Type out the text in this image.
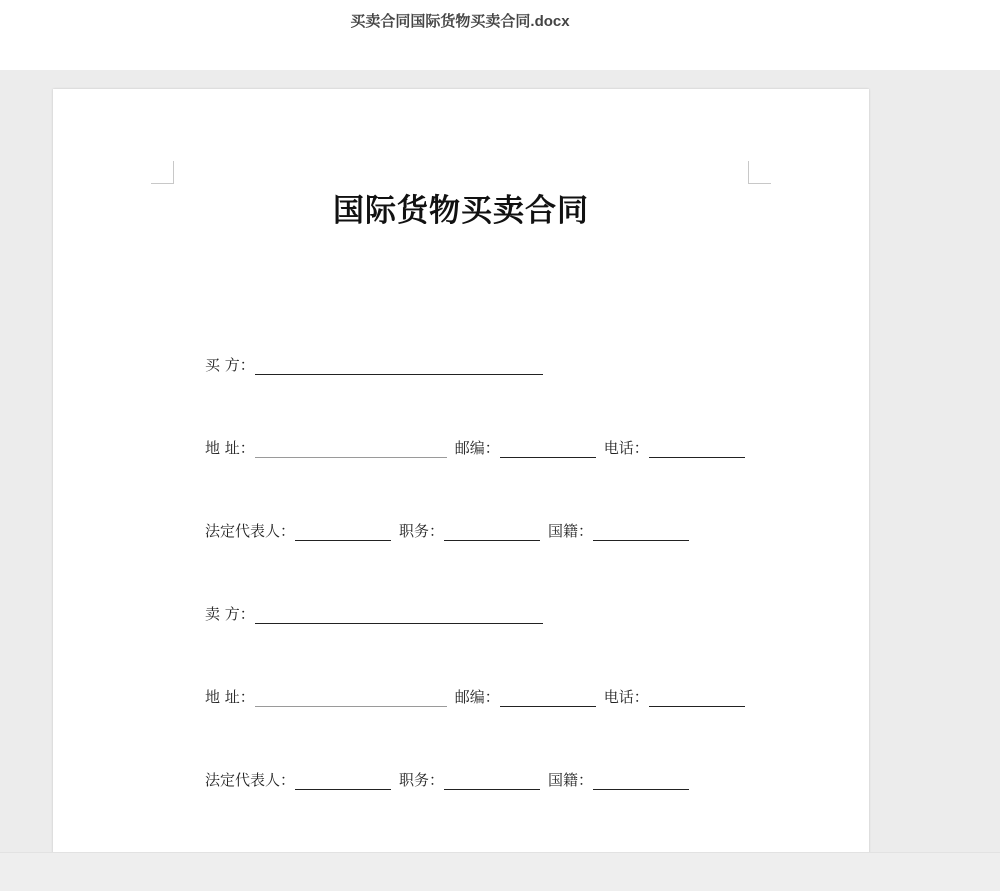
买卖合同国际货物买卖合同.docx
国际货物买卖合同
买 方：
地 址：	邮编：	电话：
法定代表人：	职务：	国籍：
卖 方：
地 址：	邮编：	电话：
法定代表人：	职务：	国籍：
